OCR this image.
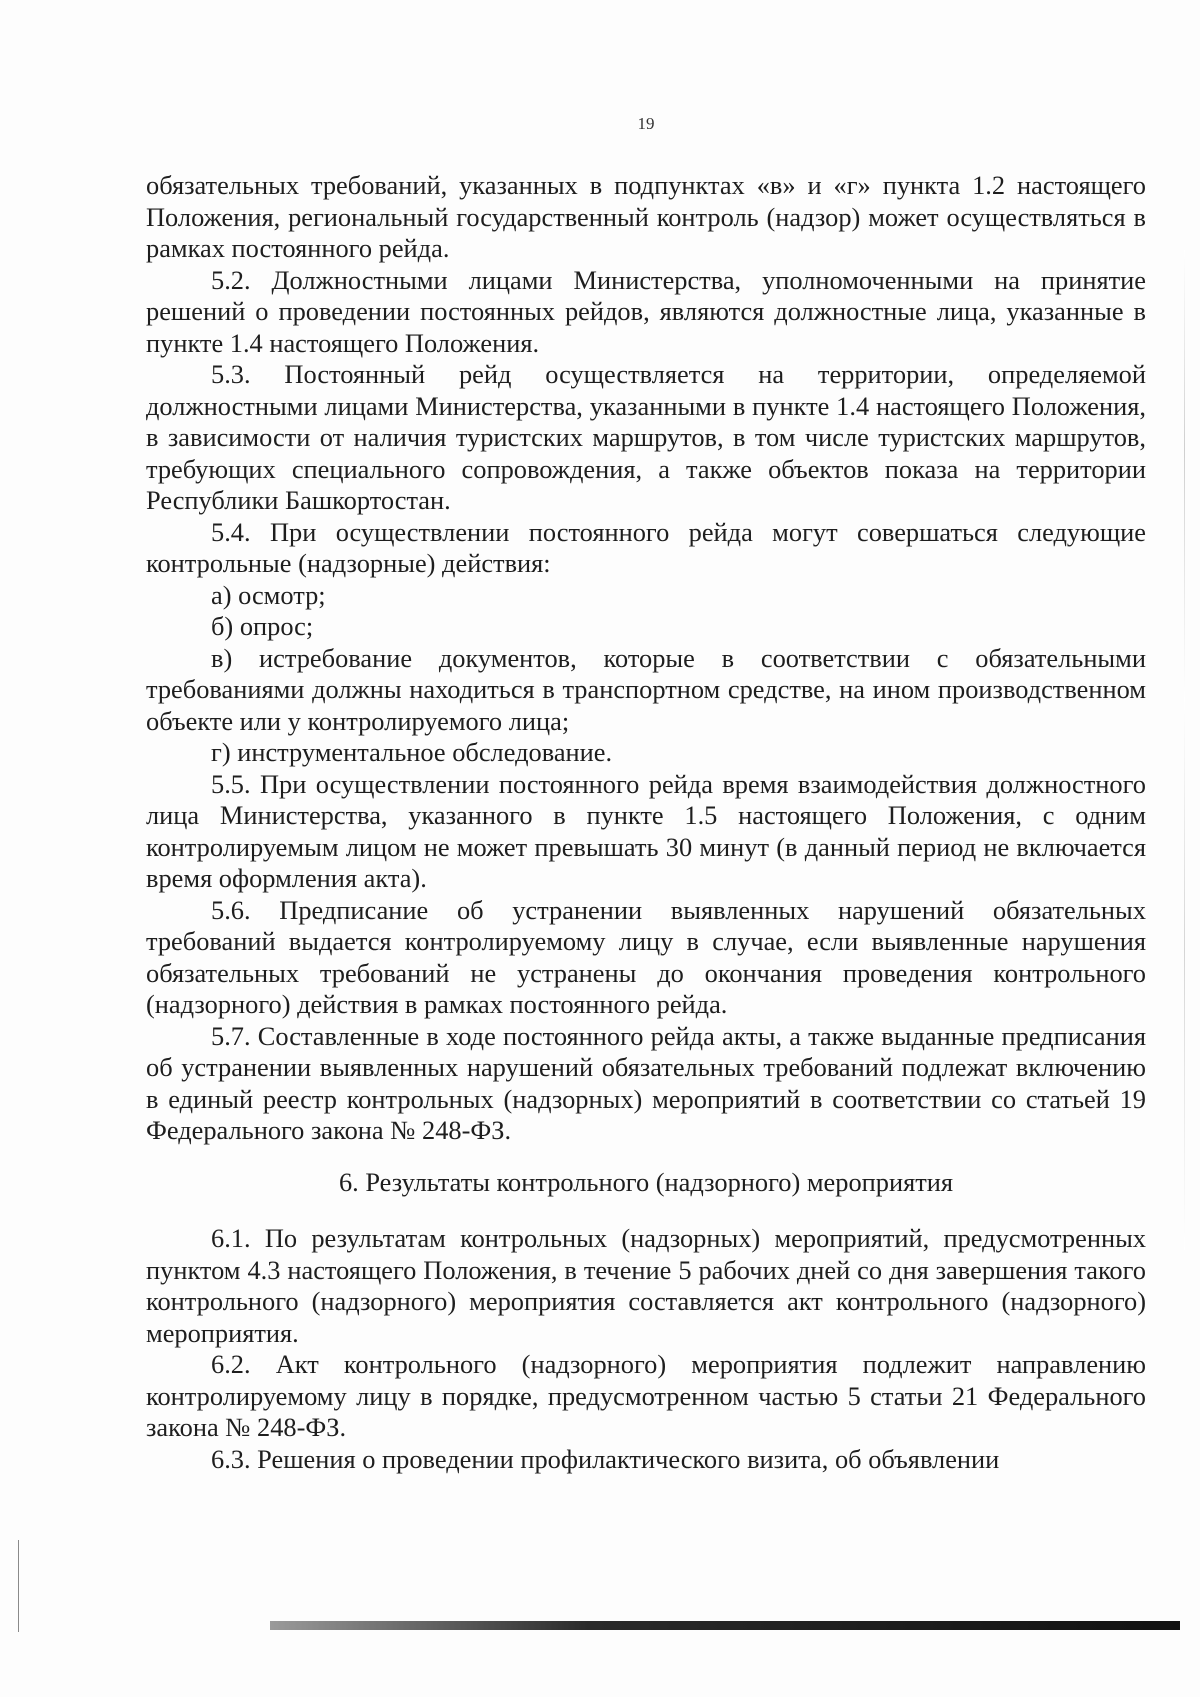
19

обязательных требований, указанных в подпунктах «в» и «г» пункта 1.2 настоящего Положения, региональный государственный контроль (надзор) может осуществляться в рамках постоянного рейда.

5.2. Должностными лицами Министерства, уполномоченными на принятие решений о проведении постоянных рейдов, являются должностные лица, указанные в пункте 1.4 настоящего Положения.

5.3. Постоянный рейд осуществляется на территории, определяемой должностными лицами Министерства, указанными в пункте 1.4 настоящего Положения, в зависимости от наличия туристских маршрутов, в том числе туристских маршрутов, требующих специального сопровождения, а также объектов показа на территории Республики Башкортостан.

5.4. При осуществлении постоянного рейда могут совершаться следующие контрольные (надзорные) действия:

а) осмотр;

б) опрос;

в) истребование документов, которые в соответствии с обязательными требованиями должны находиться в транспортном средстве, на ином производственном объекте или у контролируемого лица;

г) инструментальное обследование.

5.5. При осуществлении постоянного рейда время взаимодействия должностного лица Министерства, указанного в пункте 1.5 настоящего Положения, с одним контролируемым лицом не может превышать 30 минут (в данный период не включается время оформления акта).

5.6. Предписание об устранении выявленных нарушений обязательных требований выдается контролируемому лицу в случае, если выявленные нарушения обязательных требований не устранены до окончания проведения контрольного (надзорного) действия в рамках постоянного рейда.

5.7. Составленные в ходе постоянного рейда акты, а также выданные предписания об устранении выявленных нарушений обязательных требований подлежат включению в единый реестр контрольных (надзорных) мероприятий в соответствии со статьей 19 Федерального закона № 248-ФЗ.

6. Результаты контрольного (надзорного) мероприятия

6.1. По результатам контрольных (надзорных) мероприятий, предусмотренных пунктом 4.3 настоящего Положения, в течение 5 рабочих дней со дня завершения такого контрольного (надзорного) мероприятия составляется акт контрольного (надзорного) мероприятия.

6.2. Акт контрольного (надзорного) мероприятия подлежит направлению контролируемому лицу в порядке, предусмотренном частью 5 статьи 21 Федерального закона № 248-ФЗ.

6.3. Решения о проведении профилактического визита, об объявлении
